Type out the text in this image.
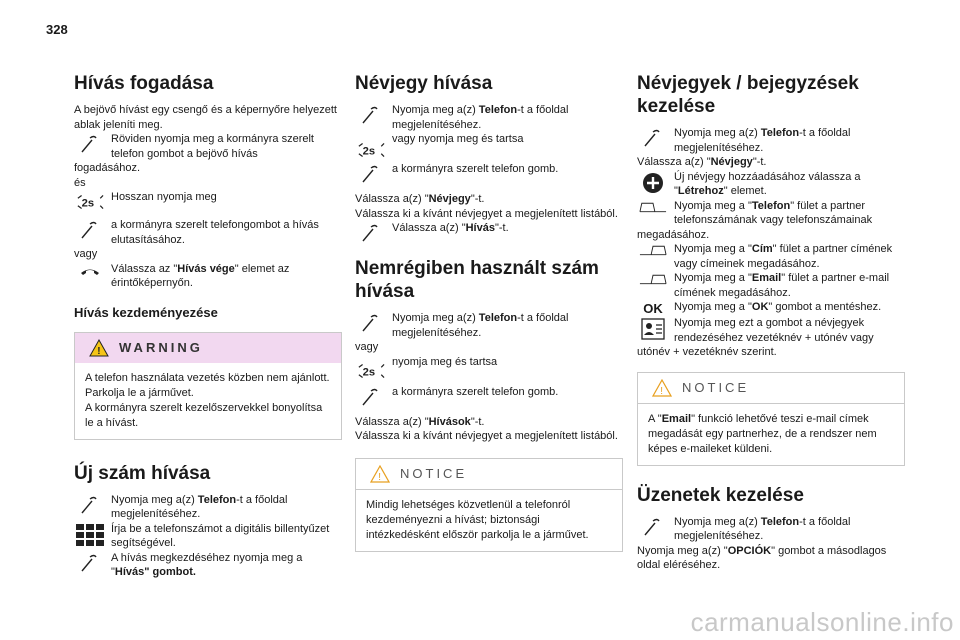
328
Hívás fogadása

A bejövő hívást egy csengő és a képernyőre helyezett ablak jeleníti meg.

Röviden nyomja meg a kormányra szerelt telefon gombot a bejövő hívás

fogadásához.

és

2s
Hosszan nyomja meg
a kormányra szerelt telefongombot a hívás elutasításához.

vagy

Válassza az "Hívás vége" elemet az érintőképernyőn.
Hívás kezdeményezése
! WARNING
A telefon használata vezetés közben nem ajánlott.
Parkolja le a járművet.
A kormányra szerelt kezelőszervekkel bonyolítsa le a hívást.
Új szám hívása
Nyomja meg a(z) Telefon-t a főoldal megjelenítéséhez.
Írja be a telefonszámot a digitális billentyűzet segítségével.
A hívás megkezdéséhez nyomja meg a "Hívás" gombot.
Névjegy hívása
Nyomja meg a(z) Telefon-t a főoldal megjelenítéséhez.
2s
vagy nyomja meg és tartsa
a kormányra szerelt telefon gomb.
Válassza a(z) "Névjegy"-t.

Válassza ki a kívánt névjegyet a megjelenített listából.

Válassza a(z) "Hívás"-t.
Nemrégiben használt szám hívása
Nyomja meg a(z) Telefon-t a főoldal megjelenítéséhez.

vagy

2s
nyomja meg és tartsa
a kormányra szerelt telefon gomb.
Válassza a(z) "Hívások"-t.

Válassza ki a kívánt névjegyet a megjelenített listából.

! NOTICE
Mindig lehetséges közvetlenül a telefonról kezdeményezni a hívást; biztonsági intézkedésként először parkolja le a járművet.
Névjegyek / bejegyzések kezelése
Nyomja meg a(z) Telefon-t a főoldal megjelenítéséhez.
Válassza a(z) "Névjegy"-t.
Új névjegy hozzáadásához válassza a "Létrehoz" elemet.
Nyomja meg a "Telefon" fület a partner telefonszámának vagy telefonszámainak

megadásához.

Nyomja meg a "Cím" fület a partner címének vagy címeinek megadásához.
Nyomja meg a "Email" fület a partner e-mail címének megadásához.
OK	Nyomja meg a "OK" gombot a mentéshez.
Nyomja meg ezt a gombot a névjegyek rendezéséhez vezetéknév + utónév vagy

utónév + vezetéknév szerint.

! NOTICE
A "Email" funkció lehetővé teszi e-mail címek megadását egy partnerhez, de a rendszer nem képes e-maileket küldeni.
Üzenetek kezelése
Nyomja meg a(z) Telefon-t a főoldal megjelenítéséhez.
Nyomja meg a(z) "OPCIÓK" gombot a másodlagos oldal eléréséhez.
carmanualsonline.info
